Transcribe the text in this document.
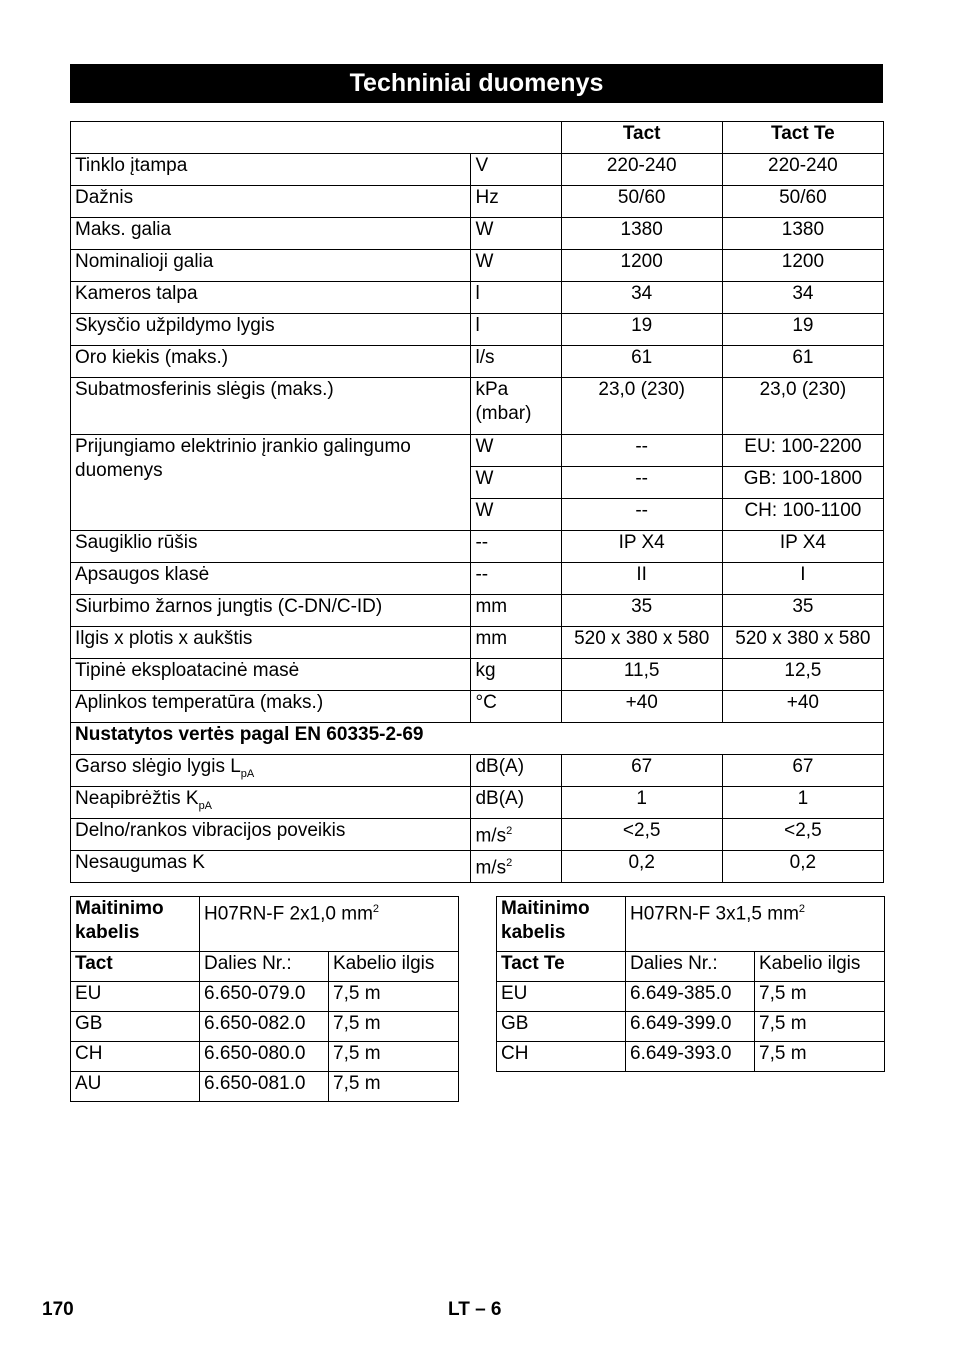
Techniniai duomenys
		Tact	Tact Te
Tinklo įtampa	V	220-240	220-240
Dažnis	Hz	50/60	50/60
Maks. galia	W	1380	1380
Nominalioji galia	W	1200	1200
Kameros talpa	l	34	34
Skysčio užpildymo lygis	l	19	19
Oro kiekis (maks.)	l/s	61	61
Subatmosferinis slėgis (maks.)	kPa (mbar)	23,0 (230)	23,0 (230)
Prijungiamo elektrinio įrankio galingumo duomenys	W	--	EU: 100-2200
	W	--	GB: 100-1800
	W	--	CH: 100-1100
Saugiklio rūšis	--	IP X4	IP X4
Apsaugos klasė	--	II	I
Siurbimo žarnos jungtis (C-DN/C-ID)	mm	35	35
Ilgis x plotis x aukštis	mm	520 x 380 x 580	520 x 380 x 580
Tipinė eksploatacinė masė	kg	11,5	12,5
Aplinkos temperatūra (maks.)	°C	+40	+40
Nustatytos vertės pagal EN 60335-2-69			
Garso slėgio lygis $L_{pA}$	dB(A)	67	67
Neapibrėžtis $K_{pA}$	dB(A)	1	1
Delno/rankos vibracijos poveikis	$m/s^2$	<2,5	<2,5
Nesaugumas K	$m/s^2$	0,2	0,2
Maitinimo kabelis	H07RN-F 2x1,0 $mm^2$
Tact	Dalies Nr.:	Kabelio ilgis
EU	6.650-079.0	7,5 m
GB	6.650-082.0	7,5 m
CH	6.650-080.0	7,5 m
AU	6.650-081.0	7,5 m
Maitinimo kabelis	H07RN-F 3x1,5 $mm^2$
Tact Te	Dalies Nr.:	Kabelio ilgis
EU	6.649-385.0	7,5 m
GB	6.649-399.0	7,5 m
CH	6.649-393.0	7,5 m
170	LT – 6
